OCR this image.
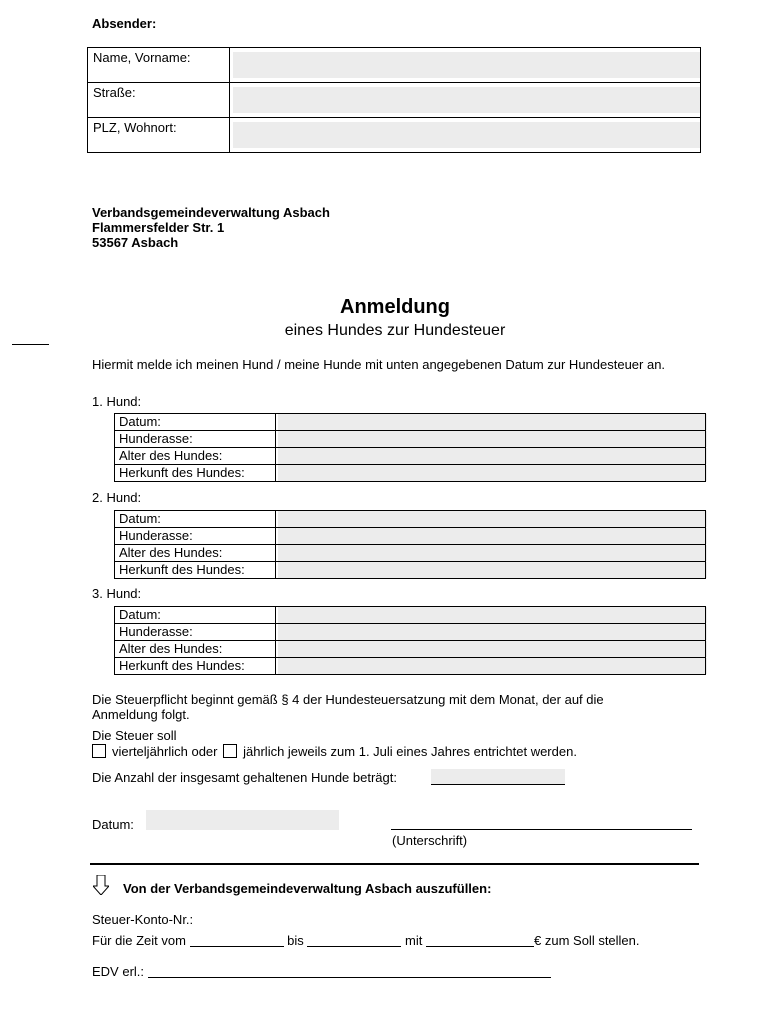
Absender:
Name, Vorname:	

Straße:	

PLZ, Wohnort:	
Verbandsgemeindeverwaltung Asbach
Flammersfelder Str. 1
53567 Asbach
Anmeldung
eines Hundes zur Hundesteuer
Hiermit melde ich meinen Hund / meine Hunde mit unten angegebenen Datum zur Hundesteuer an.
1. Hund:
Datum:	

Hunderasse:	

Alter des Hundes:	

Herkunft des Hundes:	
2. Hund:
Datum:	

Hunderasse:	

Alter des Hundes:	

Herkunft des Hundes:	
3. Hund:
Datum:	

Hunderasse:	

Alter des Hundes:	

Herkunft des Hundes:	
Die Steuerpflicht beginnt gemäß § 4 der Hundesteuersatzung mit dem Monat, der auf die Anmeldung folgt.
Die Steuer soll
vierteljährlich oder jährlich jeweils zum 1. Juli eines Jahres entrichtet werden.
Die Anzahl der insgesamt gehaltenen Hunde beträgt:
Datum:
(Unterschrift)
Von der Verbandsgemeindeverwaltung Asbach auszufüllen:
Steuer-Konto-Nr.:
Für die Zeit vom	bis	mit	€ zum Soll stellen.
EDV erl.:
